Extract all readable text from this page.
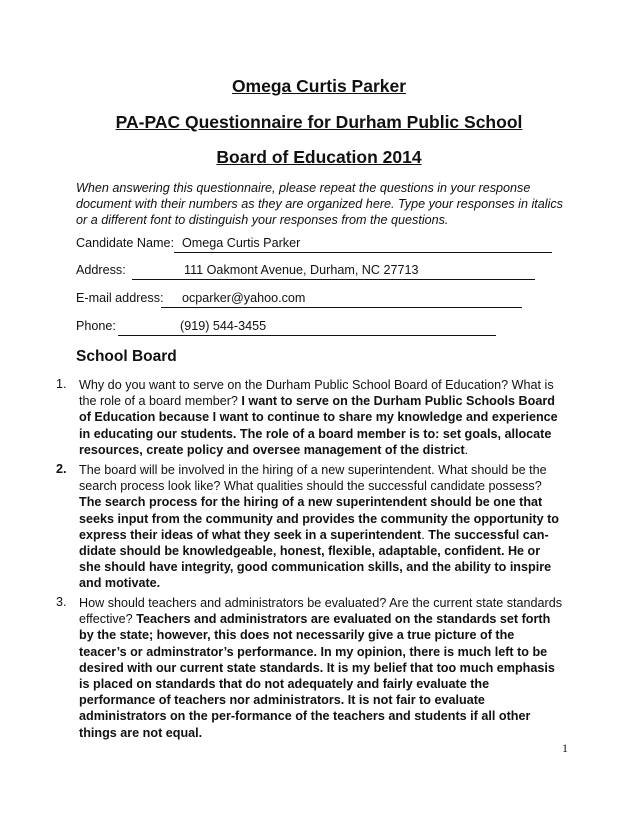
Omega Curtis Parker
PA-PAC Questionnaire for Durham Public School
Board of Education 2014
When answering this questionnaire, please repeat the questions in your response document with their numbers as they are organized here. Type your responses in italics or a different font to distinguish your responses from the questions.
Candidate Name: Omega Curtis Parker
Address:	111 Oakmont Avenue, Durham, NC 27713
E-mail address: ocparker@yahoo.com
Phone:	(919) 544-3455
School Board
1. Why do you want to serve on the Durham Public School Board of Education? What is the role of a board member? I want to serve on the Durham Public Schools Board of Education because I want to continue to share my knowledge and experience in educating our students. The role of a board member is to: set goals, allocate resources, create policy and oversee management of the district.
2. The board will be involved in the hiring of a new superintendent. What should be the search process look like? What qualities should the successful candidate possess? The search process for the hiring of a new superintendent should be one that seeks input from the community and provides the community the opportunity to express their ideas of what they seek in a superintendent. The successful can-didate should be knowledgeable, honest, flexible, adaptable, confident. He or she should have integrity, good communication skills, and the ability to inspire and motivate.
3. How should teachers and administrators be evaluated? Are the current state standards effective? Teachers and administrators are evaluated on the standards set forth by the state; however, this does not necessarily give a true picture of the teacer’s or adminstrator’s performance. In my opinion, there is much left to be desired with our current state standards. It is my belief that too much emphasis is placed on standards that do not adequately and fairly evaluate the performance of teachers nor administrators. It is not fair to evaluate administrators on the per-formance of the teachers and students if all other things are not equal.
1
